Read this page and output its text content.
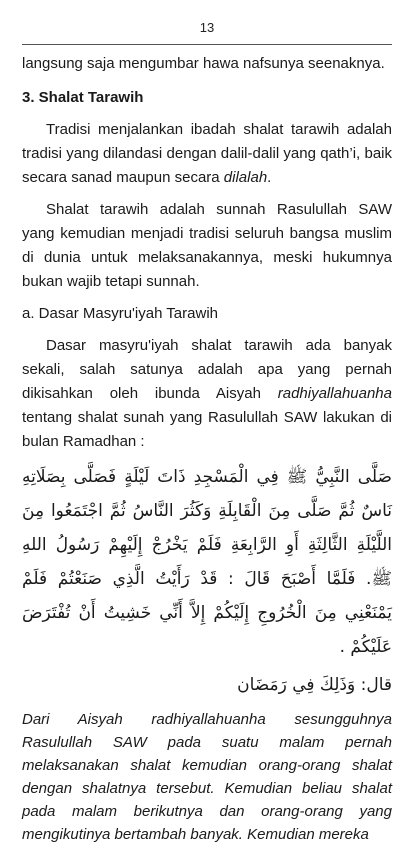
13

langsung saja mengumbar hawa nafsunya seenaknya.

3. Shalat Tarawih

Tradisi menjalankan ibadah shalat tarawih adalah tradisi yang dilandasi dengan dalil-dalil yang qath’i, baik secara sanad maupun secara dilalah.

Shalat tarawih adalah sunnah Rasulullah SAW yang kemudian menjadi tradisi seluruh bangsa muslim di dunia untuk melaksanakannya, meski hukumnya bukan wajib tetapi sunnah.

a. Dasar Masyru'iyah Tarawih

Dasar masyru'iyah shalat tarawih ada banyak sekali, salah satunya adalah apa yang pernah dikisahkan oleh ibunda Aisyah radhiyallahuanha tentang shalat sunah yang Rasulullah SAW lakukan di bulan Ramadhan :

صَلَّى النَّبِيُّ ﷺ فِي الْمَسْجِدِ ذَاتَ لَيْلَةٍ فَصَلَّى بِصَلَاتِهِ نَاسٌ ثُمَّ صَلَّى مِنَ الْقَابِلَةِ وَكَثُرَ النَّاسُ ثُمَّ اجْتَمَعُوا مِنَ اللَّيْلَةِ الثَّالِثَةِ أَوِ الرَّابِعَةِ فَلَمْ يَخْرُجْ إِلَيْهِمْ رَسُولُ اللهِ ﷺ. فَلَمَّا أَصْبَحَ قَالَ : قَدْ رَأَيْتُ الَّذِي صَنَعْتُمْ فَلَمْ يَمْنَعْنِي مِنَ الْخُرُوجِ إِلَيْكُمْ إِلاَّ أَنِّي خَشِيتُ أَنْ تُفْتَرَضَ عَلَيْكُمْ .

قال: وَذَلِكَ فِي رَمَضَان

Dari Aisyah radhiyallahuanha sesungguhnya Rasulullah SAW pada suatu malam pernah melaksanakan shalat kemudian orang-orang shalat dengan shalatnya tersebut. Kemudian beliau shalat pada malam berikutnya dan orang-orang yang mengikutinya bertambah banyak. Kemudian mereka
